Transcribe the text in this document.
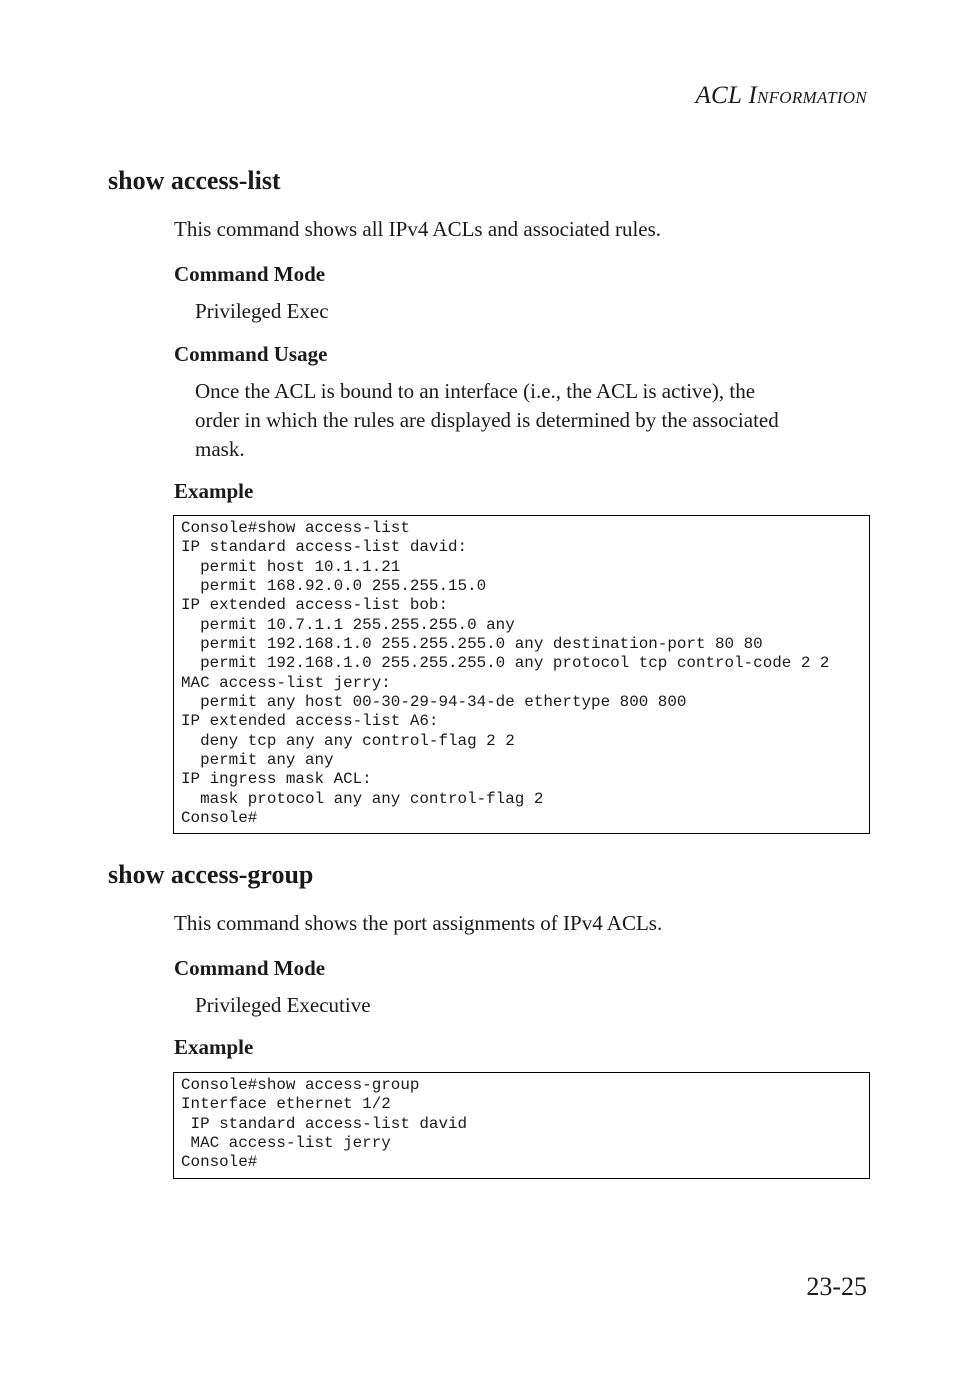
ACL INFORMATION
show access-list

This command shows all IPv4 ACLs and associated rules.

Command Mode

Privileged Exec

Command Usage
Once the ACL is bound to an interface (i.e., the ACL is active), the
order in which the rules are displayed is determined by the associated
mask.
Example
Console#show access-list
IP standard access-list david:
permit host 10.1.1.21
permit 168.92.0.0 255.255.15.0
IP extended access-list bob:
permit 10.7.1.1 255.255.255.0 any
permit 192.168.1.0 255.255.255.0 any destination-port 80 80
permit 192.168.1.0 255.255.255.0 any protocol tcp control-code 2 2
MAC access-list jerry:
permit any host 00-30-29-94-34-de ethertype 800 800
IP extended access-list A6:
deny tcp any any control-flag 2 2
permit any any
IP ingress mask ACL:
mask protocol any any control-flag 2
Console#
show access-group

This command shows the port assignments of IPv4 ACLs.

Command Mode

Privileged Executive

Example
Console#show access-group
Interface ethernet 1/2
IP standard access-list david
MAC access-list jerry
Console#
23-25
